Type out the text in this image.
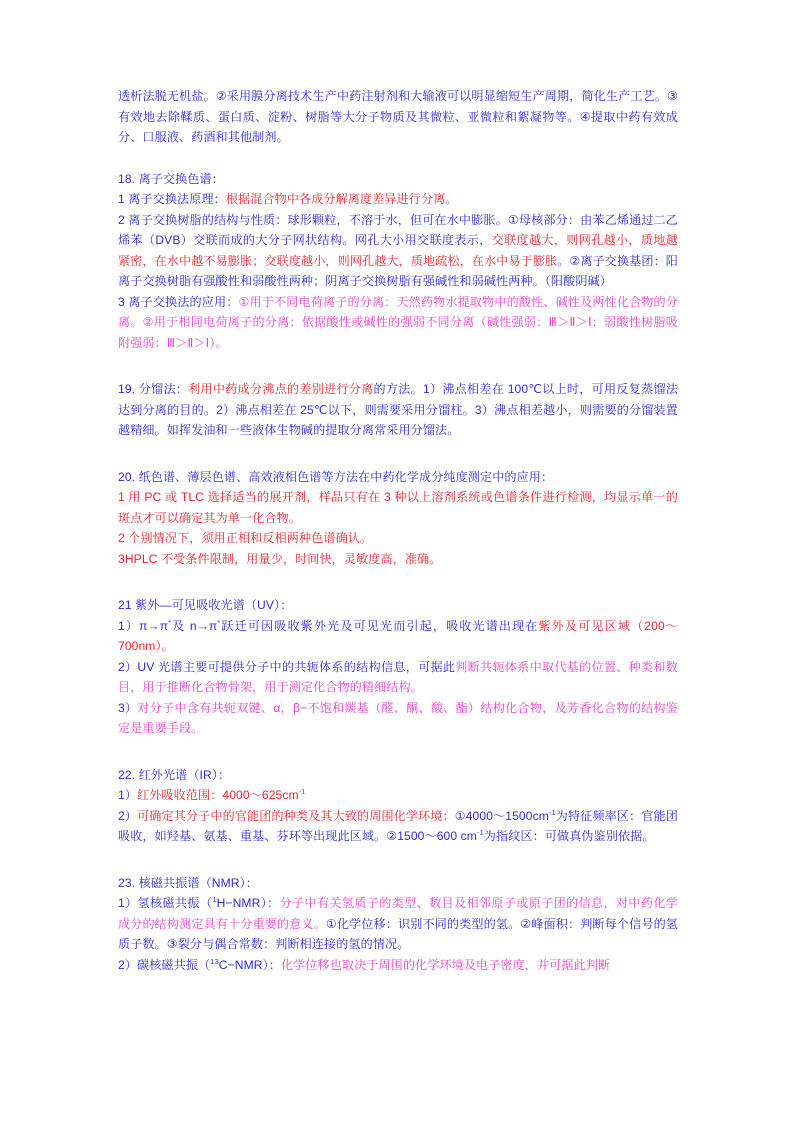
透析法脱无机盐。②采用膜分离技术生产中药注射剂和大输液可以明显缩短生产周期，简化生产工艺。③有效地去除鞣质、蛋白质、淀粉、树脂等大分子物质及其微粒、亚微粒和絮凝物等。④提取中药有效成分、口服液、药酒和其他制剂。

18. 离子交换色谱：

1 离子交换法原理：根据混合物中各成分解离度差异进行分离。

2 离子交换树脂的结构与性质：球形颗粒，不溶于水，但可在水中膨胀。①母核部分：由苯乙烯通过二乙烯苯（DVB）交联而成的大分子网状结构。网孔大小用交联度表示，交联度越大，则网孔越小，质地越紧密，在水中越不易膨胀；交联度越小，则网孔越大，质地疏松，在水中易于膨胀。②离子交换基团：阳离子交换树脂有强酸性和弱酸性两种；阴离子交换树脂有强碱性和弱碱性两种。（阳酸阴碱）

3 离子交换法的应用：①用于不同电荷离子的分离：天然药物水提取物中的酸性、碱性及两性化合物的分离。②用于相同电荷离子的分离：依据酸性或碱性的强弱不同分离（碱性强弱：Ⅲ＞Ⅱ＞Ⅰ；弱酸性树脂吸附强弱：Ⅲ＞Ⅱ＞Ⅰ）。

19. 分馏法：利用中药成分沸点的差别进行分离的方法。1）沸点相差在 100℃以上时，可用反复蒸馏法达到分离的目的。2）沸点相差在 25℃以下，则需要采用分馏柱。3）沸点相差越小，则需要的分馏装置越精细。如挥发油和一些液体生物碱的提取分离常采用分馏法。

20. 纸色谱、薄层色谱、高效液相色谱等方法在中药化学成分纯度测定中的应用：

1 用 PC 或 TLC 选择适当的展开剂，样品只有在 3 种以上溶剂系统或色谱条件进行检测，均显示单一的斑点才可以确定其为单一化合物。

2 个别情况下，须用正相和反相两种色谱确认。

3HPLC 不受条件限制，用量少，时间快，灵敏度高，准确。

21 紫外—可见吸收光谱（UV）：

1）π→π*及 n→π*跃迁可因吸收紫外光及可见光而引起，吸收光谱出现在紫外及可见区域（200～700nm）。

2）UV 光谱主要可提供分子中的共轭体系的结构信息，可据此判断共轭体系中取代基的位置、种类和数目，用于推断化合物骨架，用于测定化合物的精细结构。

3）对分子中含有共轭双键、α，β−不饱和羰基（醛、酮、酸、酯）结构化合物，及芳香化合物的结构鉴定是重要手段。

22. 红外光谱（IR）：

1）红外吸收范围：$4000\sim 625cm^{-1}$

2）可确定其分子中的官能团的种类及其大致的周围化学环境：$①4000\sim 1500cm^{-1}$为特征频率区：官能团吸收，如羟基、氨基、重基、芬环等出现此区域。②1500～600 $cm^{-1}$为指纹区：可做真伪鉴别依据。

23. 核磁共振谱（NMR）：

1）氢核磁共振（$^1$H−NMR）：分子中有关氢质子的类型、数目及相邻原子或原子团的信息，对中药化学成分的结构测定具有十分重要的意义。①化学位移：识别不同的类型的氢。②峰面积：判断每个信号的氢质子数。③裂分与偶合常数：判断相连接的氢的情况。

2）碳核磁共振（$^{13}$C−NMR）：化学位移也取决于周围的化学环境及电子密度，并可据此判断
